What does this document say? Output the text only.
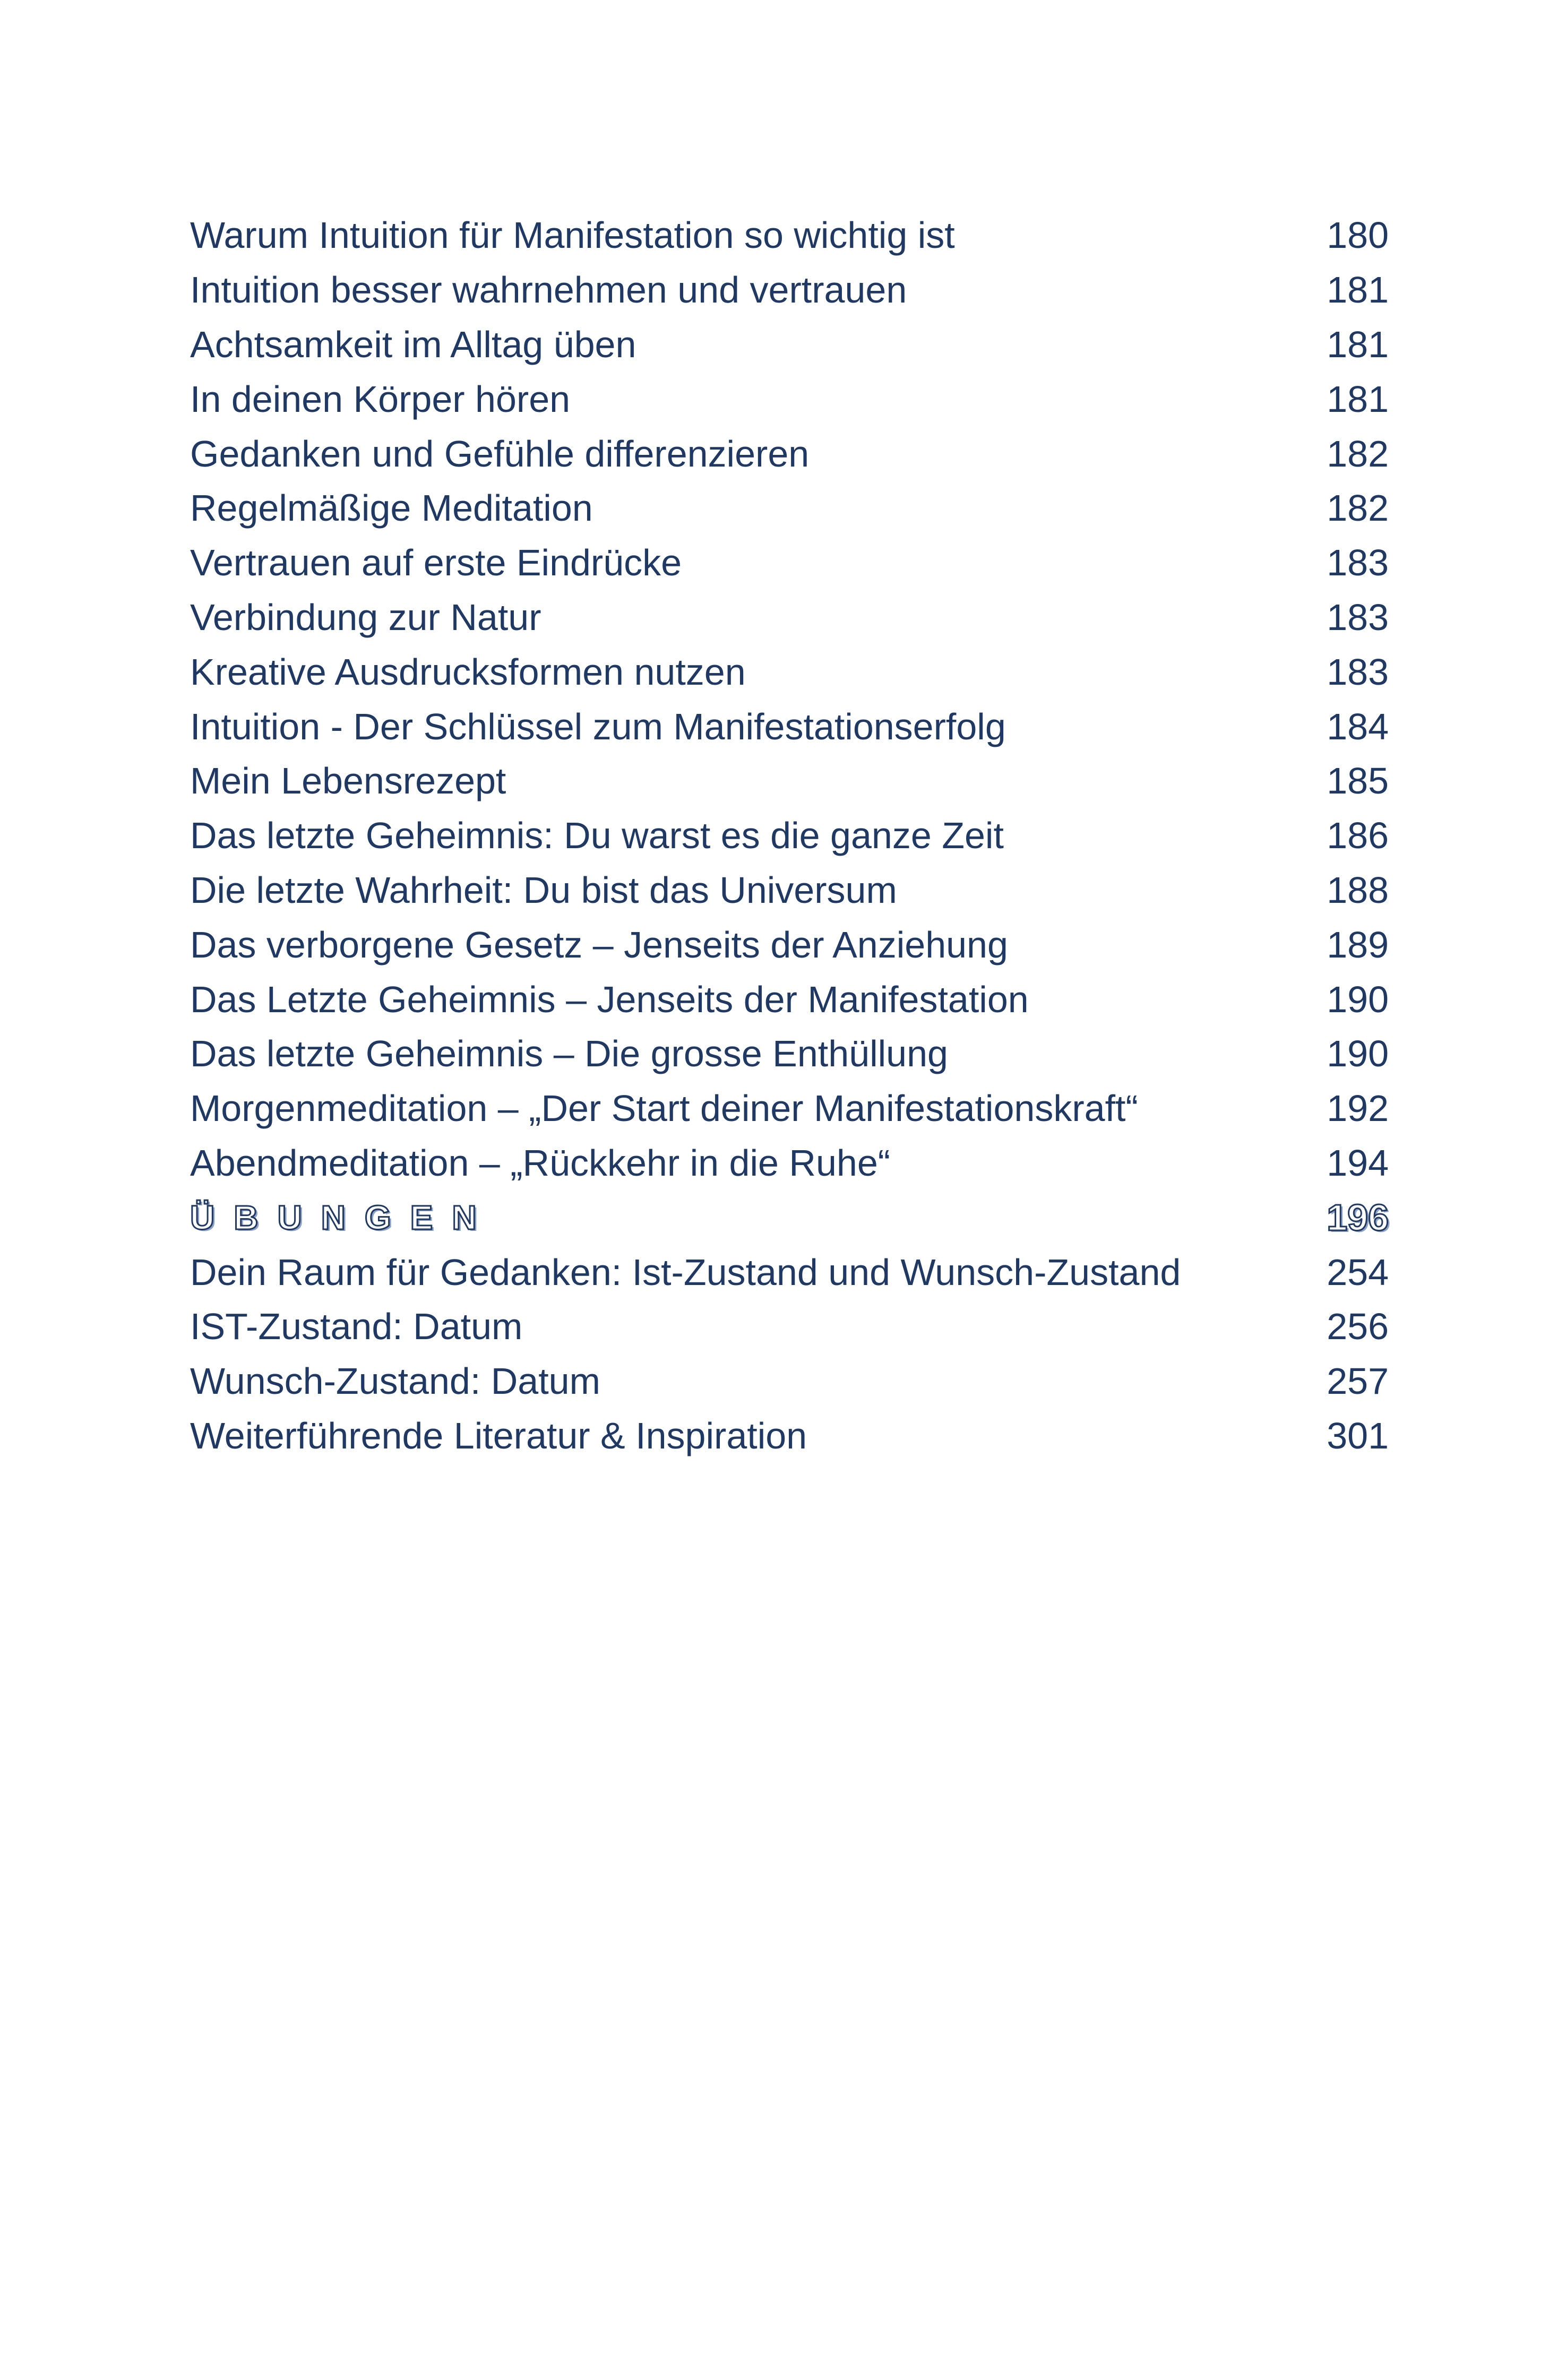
Warum Intuition für Manifestation so wichtig ist	180
Intuition besser wahrnehmen und vertrauen	181
Achtsamkeit im Alltag üben	181
In deinen Körper hören	181
Gedanken und Gefühle differenzieren	182
Regelmäßige Meditation	182
Vertrauen auf erste Eindrücke	183
Verbindung zur Natur	183
Kreative Ausdrucksformen nutzen	183
Intuition - Der Schlüssel zum Manifestationserfolg	184
Mein Lebensrezept	185
Das letzte Geheimnis: Du warst es die ganze Zeit	186
Die letzte Wahrheit: Du bist das Universum	188
Das verborgene Gesetz – Jenseits der Anziehung	189
Das Letzte Geheimnis – Jenseits der Manifestation	190
Das letzte Geheimnis – Die grosse Enthüllung	190
Morgenmeditation – „Der Start deiner Manifestationskraft“	192
Abendmeditation – „Rückkehr in die Ruhe“	194
ÜBUNGEN	196
Dein Raum für Gedanken: Ist-Zustand und Wunsch-Zustand	254
IST-Zustand: Datum	256
Wunsch-Zustand: Datum	257
Weiterführende Literatur & Inspiration	301
